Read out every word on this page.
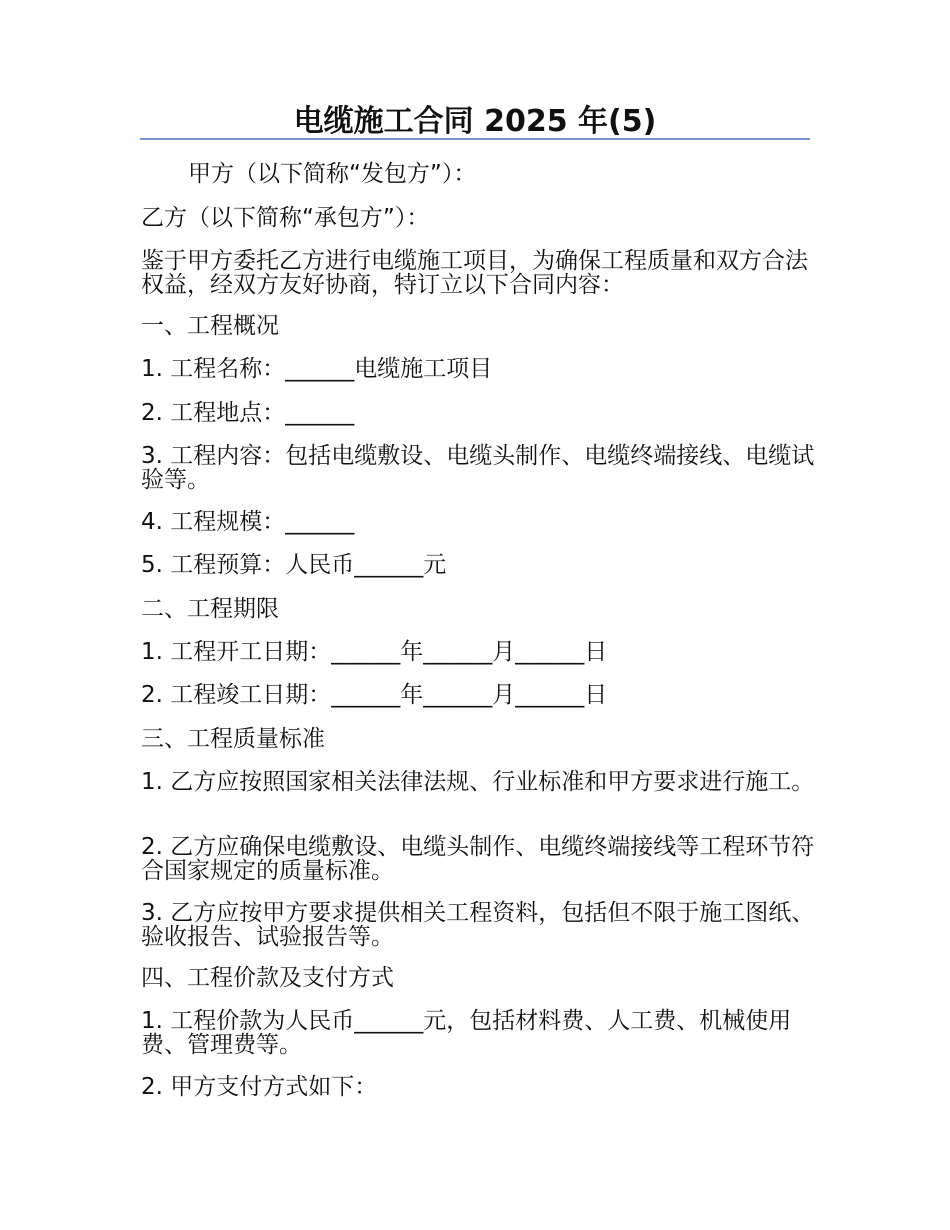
电缆施工合同 2025 年(5)

甲方（以下简称“发包方”）：

乙方（以下简称“承包方”）：

鉴于甲方委托乙方进行电缆施工项目，为确保工程质量和双方合法权益，经双方友好协商，特订立以下合同内容：

一、工程概况

1. 工程名称：______电缆施工项目

2. 工程地点：______

3. 工程内容：包括电缆敷设、电缆头制作、电缆终端接线、电缆试验等。

4. 工程规模：______

5. 工程预算：人民币______元

二、工程期限

1. 工程开工日期：______年______月______日

2. 工程竣工日期：______年______月______日

三、工程质量标准

1. 乙方应按照国家相关法律法规、行业标准和甲方要求进行施工。

2. 乙方应确保电缆敷设、电缆头制作、电缆终端接线等工程环节符合国家规定的质量标准。

3. 乙方应按甲方要求提供相关工程资料，包括但不限于施工图纸、验收报告、试验报告等。

四、工程价款及支付方式

1. 工程价款为人民币______元，包括材料费、人工费、机械使用费、管理费等。

2. 甲方支付方式如下：
